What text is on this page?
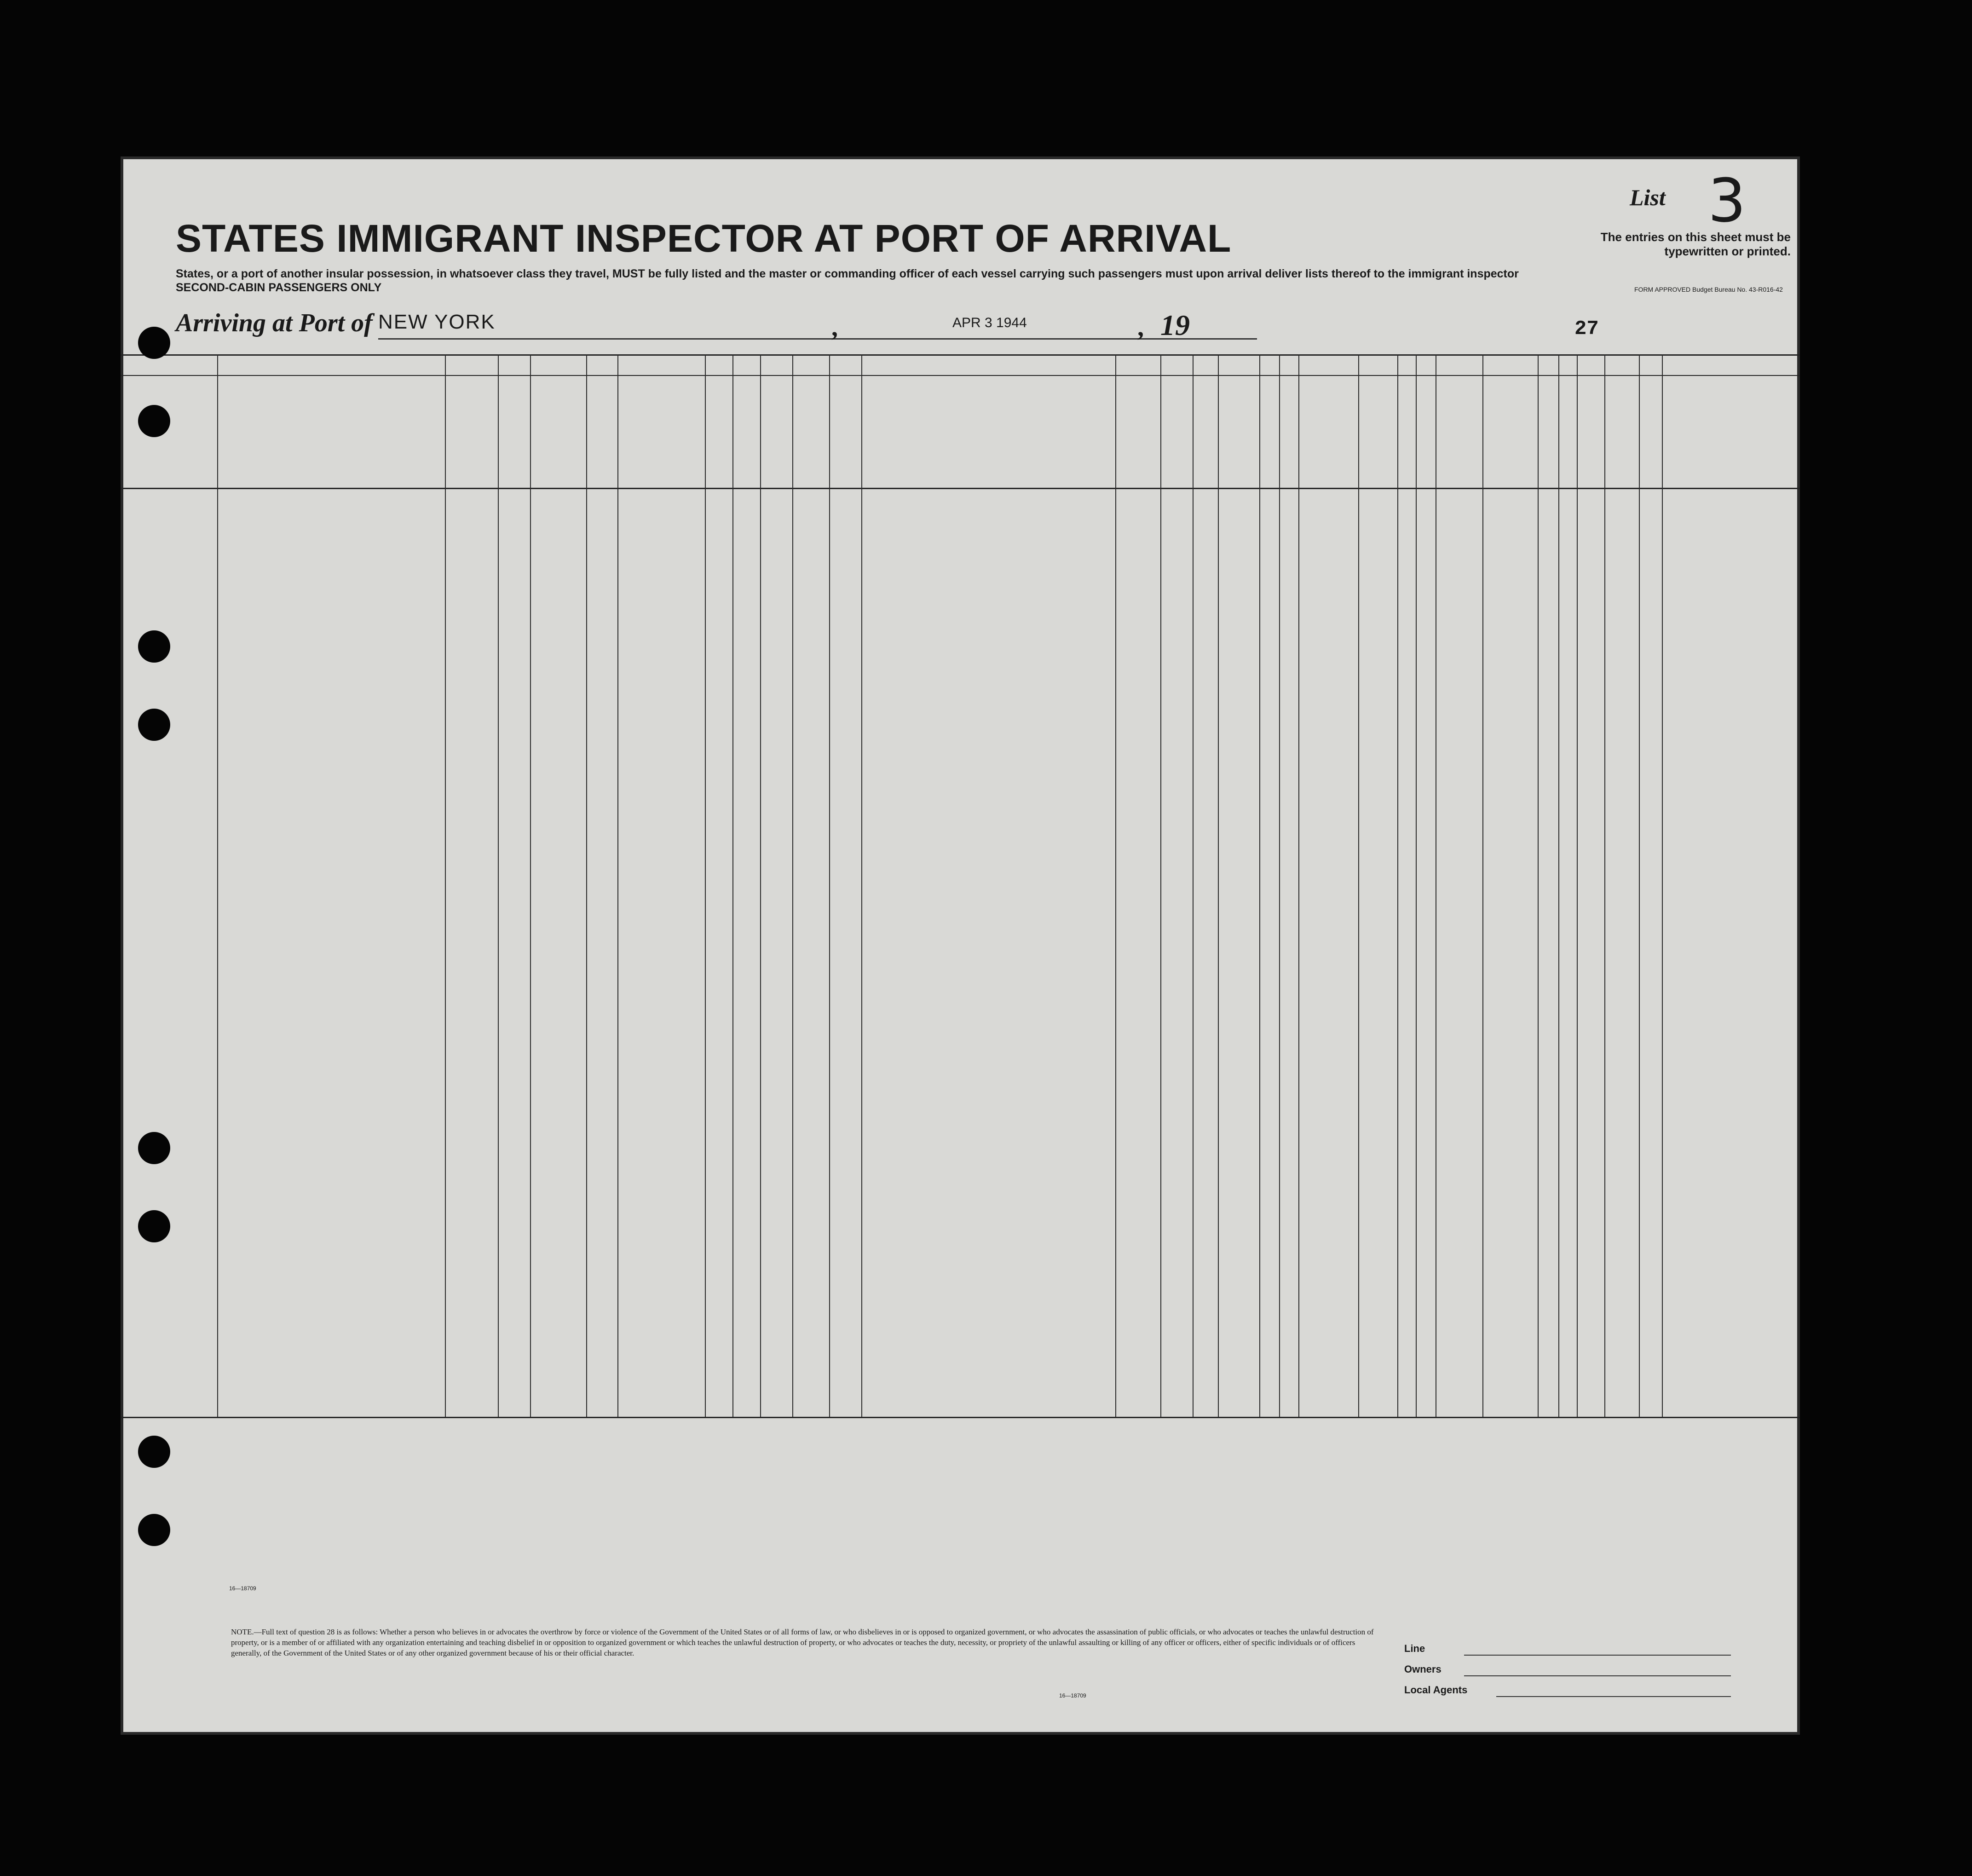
STATES IMMIGRANT INSPECTOR AT PORT OF ARRIVAL
States, or a port of another insular possession, in whatsoever class they travel, MUST be fully listed and the master or commanding officer of each vessel carrying such passengers must upon arrival deliver lists thereof to the immigrant inspector
SECOND-CABIN PASSENGERS ONLY
List 3
The entries on this sheet must be typewritten or printed.
FORM APPROVED Budget Bureau No. 43-R016-42
Arriving at Port of NEW YORK	,	APR 3 1944	, 19	27
16—18709
NOTE.—Full text of question 28 is as follows: Whether a person who believes in or advocates the overthrow by force or violence of the Government of the United States or of all forms of law, or who disbelieves in or is opposed to organized government, or who advocates the assassination of public officials, or who advocates or teaches the unlawful destruction of property, or is a member of or affiliated with any organization entertaining and teaching disbelief in or opposition to organized government or which teaches the unlawful destruction of property, or who advocates or teaches the duty, necessity, or propriety of the unlawful assaulting or killing of any officer or officers, either of specific individuals or of officers generally, of the Government of the United States or of any other organized government because of his or their official character.
16—18709
Line
Owners
Local Agents
